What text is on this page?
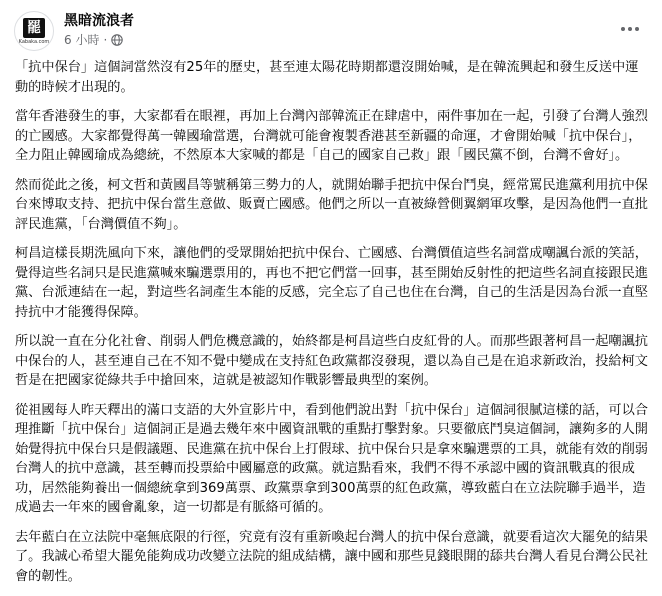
罷
Kabaka.com
黑暗流浪者
6 小時 ·

「抗中保台」這個詞當然沒有25年的歷史，甚至連太陽花時期都還沒開始喊，是在韓流興起和發生反送中運動的時候才出現的。

當年香港發生的事，大家都看在眼裡，再加上台灣內部韓流正在肆虐中，兩件事加在一起，引發了台灣人強烈的亡國感。大家都覺得萬一韓國瑜當選，台灣就可能會複製香港甚至新疆的命運，才會開始喊「抗中保台」，全力阻止韓國瑜成為總統，不然原本大家喊的都是「自己的國家自己救」跟「國民黨不倒，台灣不會好」。

然而從此之後，柯文哲和黃國昌等號稱第三勢力的人，就開始聯手把抗中保台鬥臭，經常罵民進黨利用抗中保台來博取支持、把抗中保台當生意做、販賣亡國感。他們之所以一直被綠營側翼網軍攻擊，是因為他們一直批評民進黨，「台灣價值不夠」。

柯昌這樣長期洗風向下來，讓他們的受眾開始把抗中保台、亡國感、台灣價值這些名詞當成嘲諷台派的笑話，覺得這些名詞只是民進黨喊來騙選票用的，再也不把它們當一回事，甚至開始反射性的把這些名詞直接跟民進黨、台派連結在一起，對這些名詞產生本能的反感，完全忘了自己也住在台灣，自己的生活是因為台派一直堅持抗中才能獲得保障。

所以說一直在分化社會、削弱人們危機意識的，始終都是柯昌這些白皮紅骨的人。而那些跟著柯昌一起嘲諷抗中保台的人，甚至連自己在不知不覺中變成在支持紅色政黨都沒發現，還以為自己是在追求新政治，投給柯文哲是在把國家從綠共手中搶回來，這就是被認知作戰影響最典型的案例。

從祖國每人昨天釋出的滿口支語的大外宣影片中，看到他們說出對「抗中保台」這個詞很膩這樣的話，可以合理推斷「抗中保台」這個詞正是過去幾年來中國資訊戰的重點打擊對象。只要徹底鬥臭這個詞，讓夠多的人開始覺得抗中保台只是假議題、民進黨在抗中保台上打假球、抗中保台只是拿來騙選票的工具，就能有效的削弱台灣人的抗中意識，甚至轉而投票給中國屬意的政黨。就這點看來，我們不得不承認中國的資訊戰真的很成功，居然能夠養出一個總統拿到369萬票、政黨票拿到300萬票的紅色政黨，導致藍白在立法院聯手過半，造成過去一年來的國會亂象，這一切都是有脈絡可循的。

去年藍白在立法院中毫無底限的行徑，究竟有沒有重新喚起台灣人的抗中保台意識，就要看這次大罷免的結果了。我誠心希望大罷免能夠成功改變立法院的組成結構，讓中國和那些見錢眼開的舔共台灣人看見台灣公民社會的韌性。
